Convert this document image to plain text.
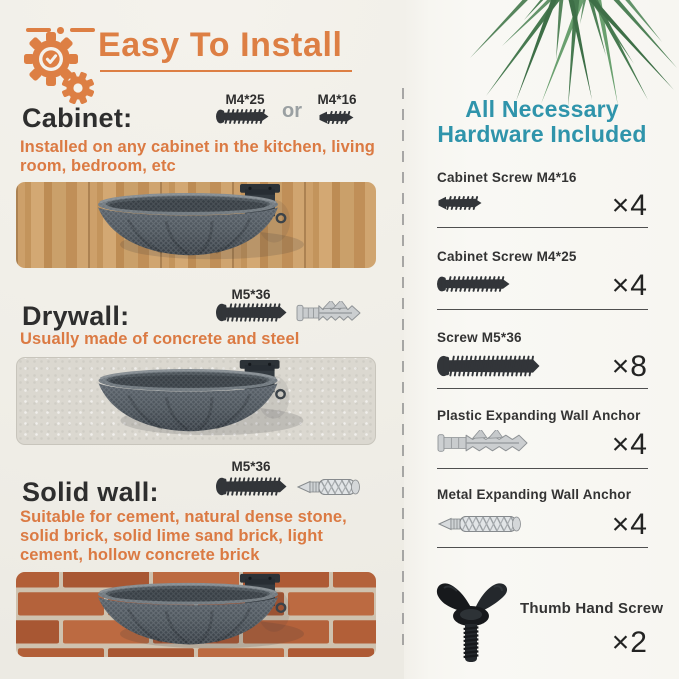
Easy To Install
Cabinet:
M4*25
or
M4*16
Installed on any cabinet in the kitchen, living room, bedroom, etc
Drywall:
M5*36
Usually made of concrete and steel
Solid wall:
M5*36
Suitable for cement, natural dense stone, solid brick, solid lime sand brick, light cement, hollow concrete brick
All Necessary Hardware Included
Cabinet Screw M4*16
×4
Cabinet Screw M4*25
×4
Screw M5*36
×8
Plastic Expanding Wall Anchor
×4
Metal Expanding Wall Anchor
×4
Thumb Hand Screw
×2
